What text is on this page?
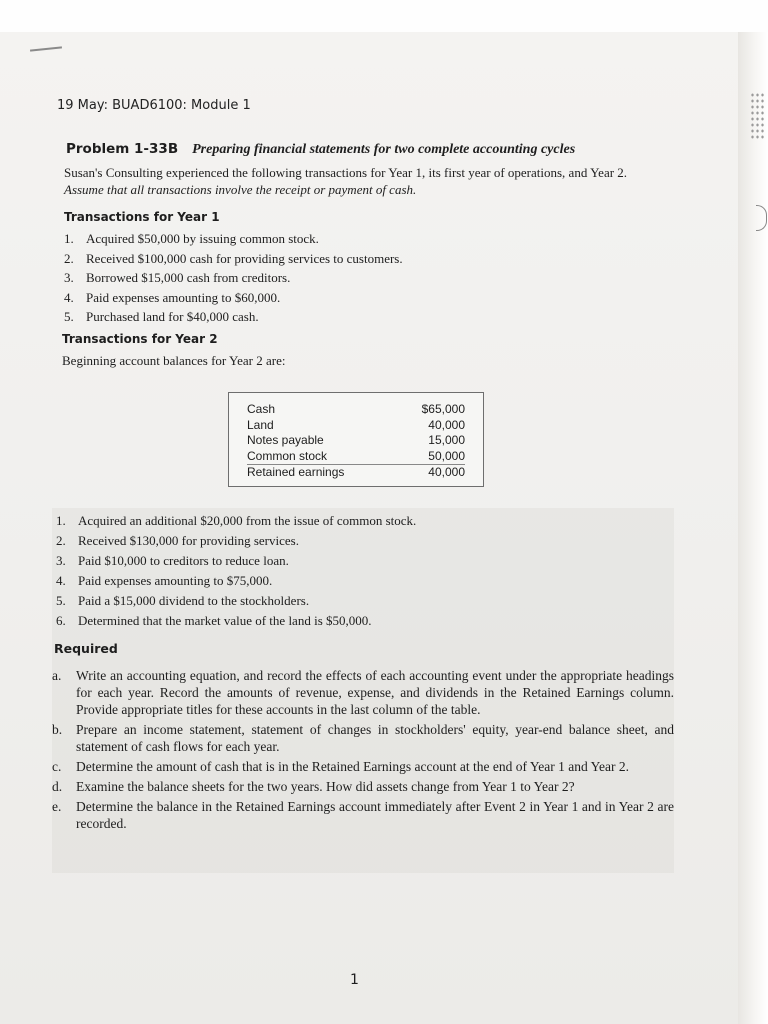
19 May: BUAD6100: Module 1
Problem 1-33B Preparing financial statements for two complete accounting cycles
Susan's Consulting experienced the following transactions for Year 1, its first year of operations, and Year 2. Assume that all transactions involve the receipt or payment of cash.
Transactions for Year 1
1. Acquired $50,000 by issuing common stock.
2. Received $100,000 cash for providing services to customers.
3. Borrowed $15,000 cash from creditors.
4. Paid expenses amounting to $60,000.
5. Purchased land for $40,000 cash.
Transactions for Year 2
Beginning account balances for Year 2 are:
Cash	$65,000
Land	40,000
Notes payable	15,000
Common stock	50,000
Retained earnings	40,000
1. Acquired an additional $20,000 from the issue of common stock.
2. Received $130,000 for providing services.
3. Paid $10,000 to creditors to reduce loan.
4. Paid expenses amounting to $75,000.
5. Paid a $15,000 dividend to the stockholders.
6. Determined that the market value of the land is $50,000.
Required
a. Write an accounting equation, and record the effects of each accounting event under the appropriate headings for each year. Record the amounts of revenue, expense, and dividends in the Retained Earnings column. Provide appropriate titles for these accounts in the last column of the table.
b. Prepare an income statement, statement of changes in stockholders' equity, year-end balance sheet, and statement of cash flows for each year.
c. Determine the amount of cash that is in the Retained Earnings account at the end of Year 1 and Year 2.
d. Examine the balance sheets for the two years. How did assets change from Year 1 to Year 2?
e. Determine the balance in the Retained Earnings account immediately after Event 2 in Year 1 and in Year 2 are recorded.
1
